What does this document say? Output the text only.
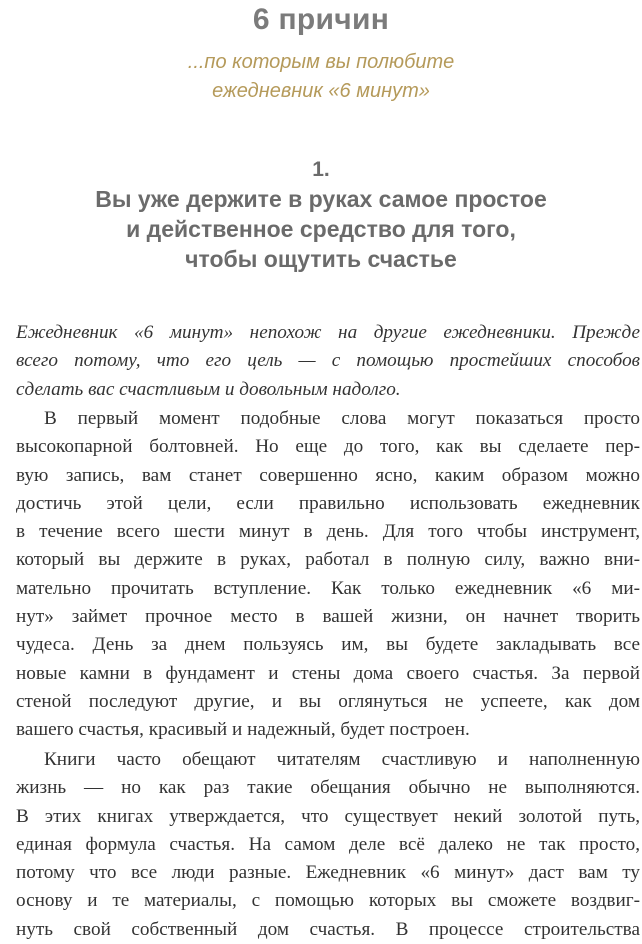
6 причин
...по которым вы полюбите
ежедневник «6 минут»
1.
Вы уже держите в руках самое простое
и действенное средство для того,
чтобы ощутить счастье
Ежедневник «6 минут» непохож на другие ежедневники. Прежде
всего потому, что его цель — с помощью простейших способов
сделать вас счастливым и довольным надолго.
В первый момент подобные слова могут показаться просто
высокопарной болтовней. Но еще до того, как вы сделаете пер-
вую запись, вам станет совершенно ясно, каким образом можно
достичь этой цели, если правильно использовать ежедневник
в течение всего шести минут в день. Для того чтобы инструмент,
который вы держите в руках, работал в полную силу, важно вни-
мательно прочитать вступление. Как только ежедневник «6 ми-
нут» займет прочное место в вашей жизни, он начнет творить
чудеса. День за днем пользуясь им, вы будете закладывать все
новые камни в фундамент и стены дома своего счастья. За первой
стеной последуют другие, и вы оглянуться не успеете, как дом
вашего счастья, красивый и надежный, будет построен.
Книги часто обещают читателям счастливую и наполненную
жизнь — но как раз такие обещания обычно не выполняются.
В этих книгах утверждается, что существует некий золотой путь,
единая формула счастья. На самом деле всё далеко не так просто,
потому что все люди разные. Ежедневник «6 минут» даст вам ту
основу и те материалы, с помощью которых вы сможете воздвиг-
нуть свой собственный дом счастья. В процессе строительства
